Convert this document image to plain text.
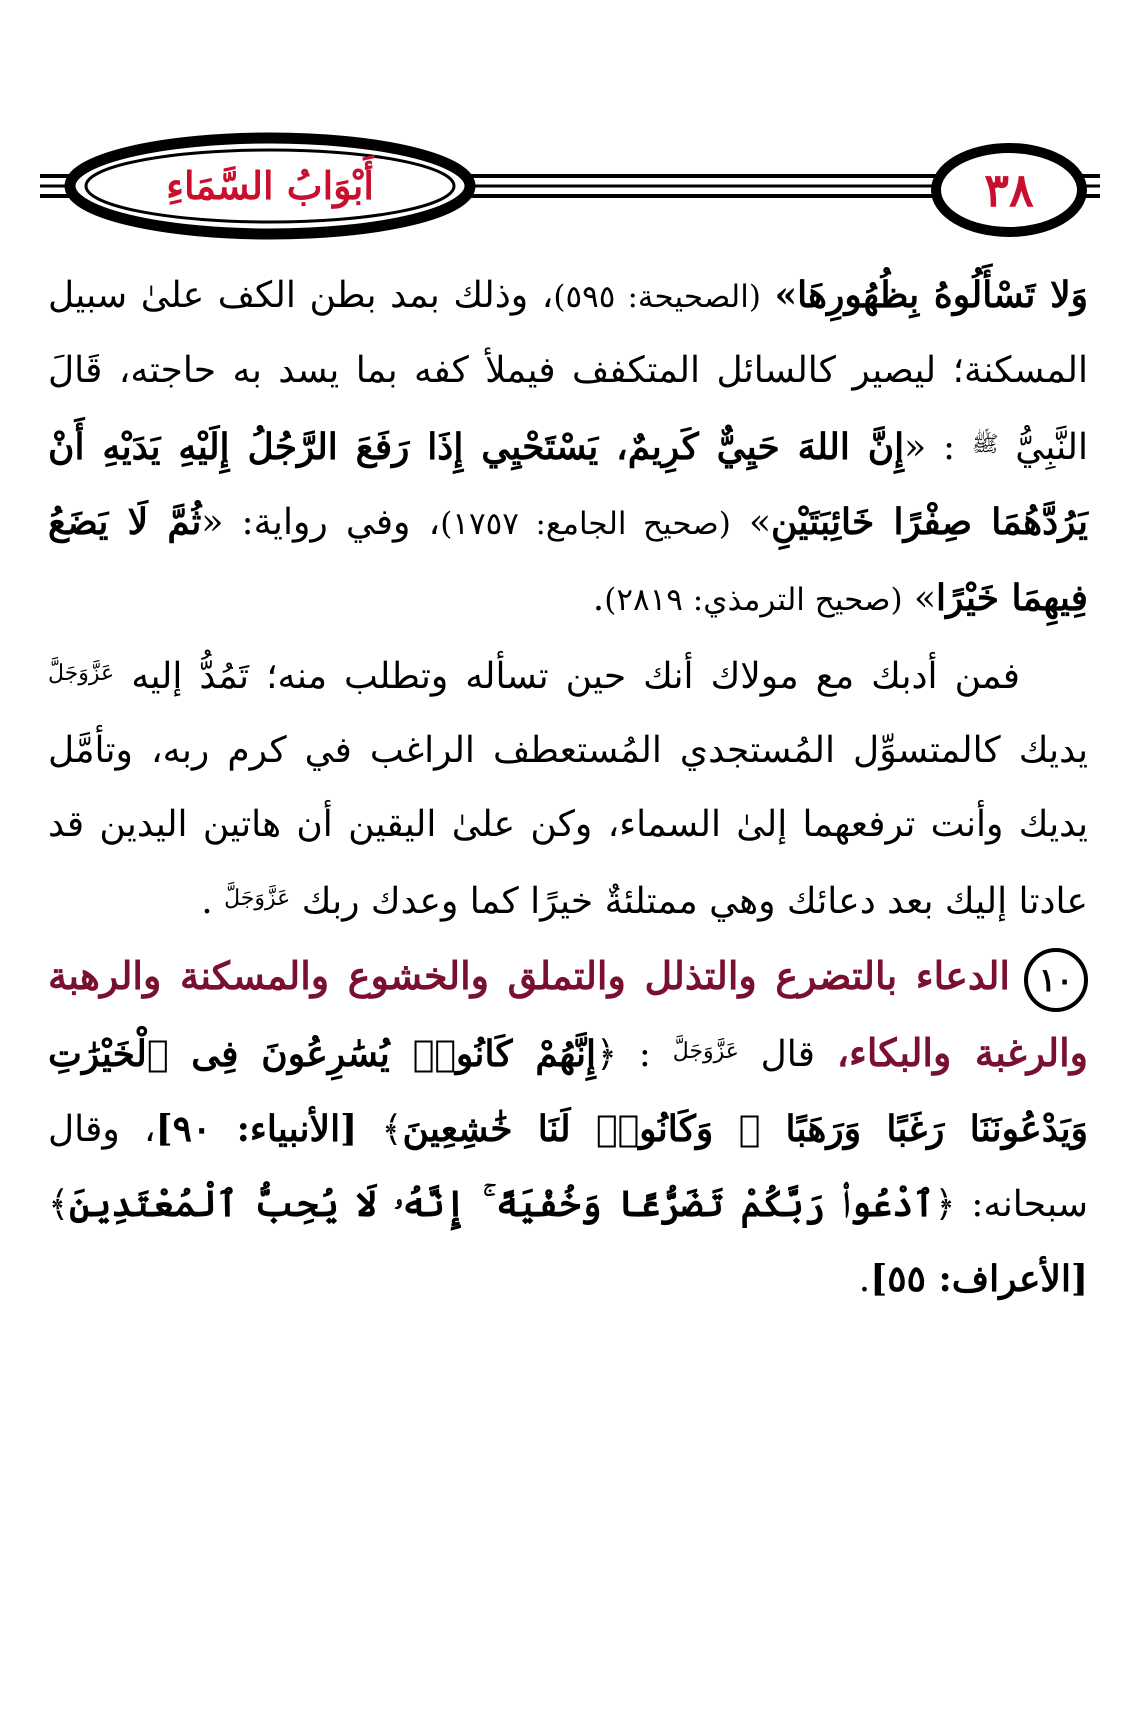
٣٨
أَبْوَابُ السَّمَاءِ

وَلا تَسْأَلُوهُ بِظُهُورِهَا» (الصحيحة: ٥٩٥)، وذلك بمد بطن الكف علىٰ سبيل المسكنة؛ ليصير كالسائل المتكفف فيملأ كفه بما يسد به حاجته، قَالَ النَّبِيُّ $^ﷺ$ : «إِنَّ اللهَ حَيِيٌّ كَرِيمٌ، يَسْتَحْيِي إِذَا رَفَعَ الرَّجُلُ إِلَيْهِ يَدَيْهِ أَنْ يَرُدَّهُمَا صِفْرًا خَائِبَتَيْنِ» (صحيح الجامع: ١٧٥٧)، وفي رواية: «ثُمَّ لَا يَضَعُ فِيهِمَا خَيْرًا» (صحيح الترمذي: ٢٨١٩).

فمن أدبك مع مولاك أنك حين تسأله وتطلب منه؛ تَمُدُّ إليه $^{عَزَّوَجَلَّ}$ يديك كالمتسوِّل المُستجدي المُستعطف الراغب في كرم ربه، وتأمَّل يديك وأنت ترفعهما إلىٰ السماء، وكن علىٰ اليقين أن هاتين اليدين قد عادتا إليك بعد دعائك وهي ممتلئةٌ خيرًا كما وعدك ربك $^{عَزَّوَجَلَّ}$ .

١٠الدعاء بالتضرع والتذلل والتملق والخشوع والمسكنة والرهبة والرغبة والبكاء، قال $^{عَزَّوَجَلَّ}$ : ﴿إِنَّهُمْ كَانُوا۟ يُسَٰرِعُونَ فِى ٱلْخَيْرَٰتِ وَيَدْعُونَنَا رَغَبًا وَرَهَبًا ۖ وَكَانُوا۟ لَنَا خَٰشِعِينَ﴾ [الأنبياء: ٩٠]، وقال سبحانه: ﴿ٱدْعُوا۟ رَبَّكُمْ تَضَرُّعًا وَخُفْيَةً ۚ إِنَّهُۥ لَا يُحِبُّ ٱلْمُعْتَدِينَ﴾ [الأعراف: ٥٥].
